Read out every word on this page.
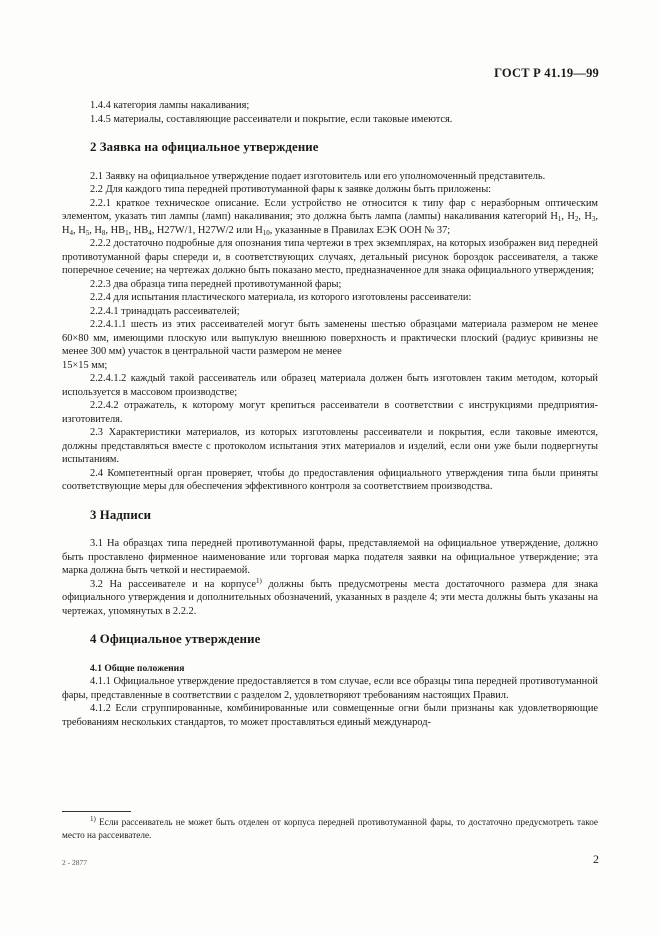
ГОСТ Р 41.19—99

1.4.4 категория лампы накаливания;

1.4.5 материалы, составляющие рассеиватели и покрытие, если таковые имеются.

2 Заявка на официальное утверждение

2.1 Заявку на официальное утверждение подает изготовитель или его уполномоченный представитель.

2.2 Для каждого типа передней противотуманной фары к заявке должны быть приложены:

2.2.1 краткое техническое описание. Если устройство не относится к типу фар с неразборным оптическим элементом, указать тип лампы (ламп) накаливания; это должна быть лампа (лампы) накаливания категорий $H_1$, $H_2$, $H_3$, $H_4$, $H_5$, $H_8$, $HB_1$, $HB_4$, H27W/1, H27W/2 или $H_{10}$, указанные в Правилах ЕЭК ООН № 37;

2.2.2 достаточно подробные для опознания типа чертежи в трех экземплярах, на которых изображен вид передней противотуманной фары спереди и, в соответствующих случаях, детальный рисунок бороздок рассеивателя, а также поперечное сечение; на чертежах должно быть показано место, предназначенное для знака официального утверждения;

2.2.3 два образца типа передней противотуманной фары;

2.2.4 для испытания пластического материала, из которого изготовлены рассеиватели:

2.2.4.1 тринадцать рассеивателей;

2.2.4.1.1 шесть из этих рассеивателей могут быть заменены шестью образцами материала размером не менее 60×80 мм, имеющими плоскую или выпуклую внешнюю поверхность и практически плоский (радиус кривизны не менее 300 мм) участок в центральной части размером не менее

15×15 мм;

2.2.4.1.2 каждый такой рассеиватель или образец материала должен быть изготовлен таким методом, который используется в массовом производстве;

2.2.4.2 отражатель, к которому могут крепиться рассеиватели в соответствии с инструкциями предприятия-изготовителя.

2.3 Характеристики материалов, из которых изготовлены рассеиватели и покрытия, если таковые имеются, должны представляться вместе с протоколом испытания этих материалов и изделий, если они уже были подвергнуты испытаниям.

2.4 Компетентный орган проверяет, чтобы до предоставления официального утверждения типа были приняты соответствующие меры для обеспечения эффективного контроля за соответствием производства.

3 Надписи

3.1 На образцах типа передней противотуманной фары, представляемой на официальное утверждение, должно быть проставлено фирменное наименование или торговая марка подателя заявки на официальное утверждение; эта марка должна быть четкой и нестираемой.

3.2 На рассеивателе и на корпусе$^{1)}$ должны быть предусмотрены места достаточного размера для знака официального утверждения и дополнительных обозначений, указанных в разделе 4; эти места должны быть указаны на чертежах, упомянутых в 2.2.2.

4 Официальное утверждение

4.1 Общие положения

4.1.1 Официальное утверждение предоставляется в том случае, если все образцы типа передней противотуманной фары, представленные в соответствии с разделом 2, удовлетворяют требованиям настоящих Правил.

4.1.2 Если сгруппированные, комбинированные или совмещенные огни были признаны как удовлетворяющие требованиям нескольких стандартов, то может проставляться единый международ-

$^{1)}$ Если рассеиватель не может быть отделен от корпуса передней противотуманной фары, то достаточно предусмотреть такое место на рассеивателе.

2 - 2877	2
